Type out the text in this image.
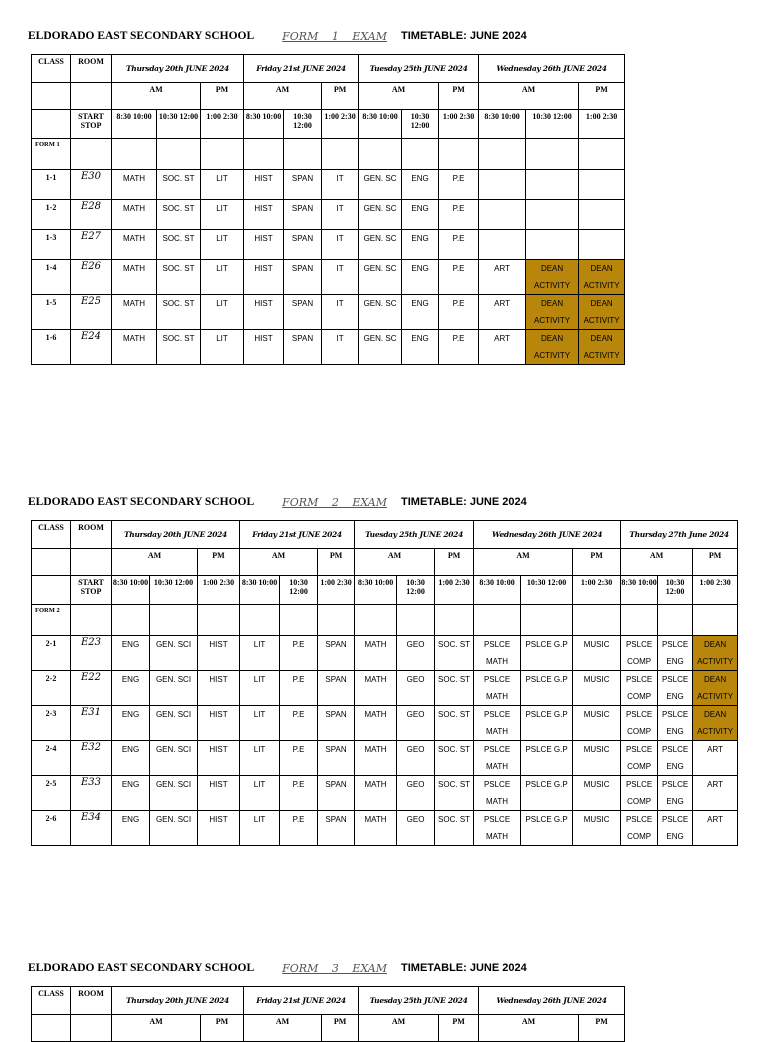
ELDORADO EAST SECONDARY SCHOOL	FORM 1 EXAM TIMETABLE: JUNE 2024
CLASS	ROOM	Thursday 20th JUNE 2024			Friday 21st JUNE 2024			Tuesday 25th JUNE 2024			Wednesday 26th JUNE 2024		
		AM		PM	AM		PM	AM		PM	AM		PM
	START STOP	8:30 10:00	10:30 12:00	1:00 2:30	8:30 10:00	10:30 12:00	1:00 2:30	8:30 10:00	10:30 12:00	1:00 2:30	8:30 10:00	10:30 12:00	1:00 2:30
FORM 1													
1-1	E30	MATH	SOC. ST	LIT	HIST	SPAN	IT	GEN. SC	ENG	P.E			
1-2	E28	MATH	SOC. ST	LIT	HIST	SPAN	IT	GEN. SC	ENG	P.E			
1-3	E27	MATH	SOC. ST	LIT	HIST	SPAN	IT	GEN. SC	ENG	P.E			
1-4	E26	MATH	SOC. ST	LIT	HIST	SPAN	IT	GEN. SC	ENG	P.E	ART	DEAN ACTIVITY	DEAN ACTIVITY
1-5	E25	MATH	SOC. ST	LIT	HIST	SPAN	IT	GEN. SC	ENG	P.E	ART	DEAN ACTIVITY	DEAN ACTIVITY
1-6	E24	MATH	SOC. ST	LIT	HIST	SPAN	IT	GEN. SC	ENG	P.E	ART	DEAN ACTIVITY	DEAN ACTIVITY
ELDORADO EAST SECONDARY SCHOOL	FORM 2 EXAM TIMETABLE: JUNE 2024
CLASS	ROOM	Thursday 20th JUNE 2024			Friday 21st JUNE 2024			Tuesday 25th JUNE 2024			Wednesday 26th JUNE 2024			Thursday 27th June 2024		
		AM		PM	AM		PM	AM		PM	AM		PM	AM		PM
	START STOP	8:30 10:00	10:30 12:00	1:00 2:30	8:30 10:00	10:30 12:00	1:00 2:30	8:30 10:00	10:30 12:00	1:00 2:30	8:30 10:00	10:30 12:00	1:00 2:30	8:30 10:00	10:30 12:00	1:00 2:30
FORM 2																
2-1	E23	ENG	GEN. SCI	HIST	LIT	P.E	SPAN	MATH	GEO	SOC. ST	PSLCE MATH	PSLCE G.P	MUSIC	PSLCE COMP	PSLCE ENG	DEAN ACTIVITY
2-2	E22	ENG	GEN. SCI	HIST	LIT	P.E	SPAN	MATH	GEO	SOC. ST	PSLCE MATH	PSLCE G.P	MUSIC	PSLCE COMP	PSLCE ENG	DEAN ACTIVITY
2-3	E31	ENG	GEN. SCI	HIST	LIT	P.E	SPAN	MATH	GEO	SOC. ST	PSLCE MATH	PSLCE G.P	MUSIC	PSLCE COMP	PSLCE ENG	DEAN ACTIVITY
2-4	E32	ENG	GEN. SCI	HIST	LIT	P.E	SPAN	MATH	GEO	SOC. ST	PSLCE MATH	PSLCE G.P	MUSIC	PSLCE COMP	PSLCE ENG	ART
2-5	E33	ENG	GEN. SCI	HIST	LIT	P.E	SPAN	MATH	GEO	SOC. ST	PSLCE MATH	PSLCE G.P	MUSIC	PSLCE COMP	PSLCE ENG	ART
2-6	E34	ENG	GEN. SCI	HIST	LIT	P.E	SPAN	MATH	GEO	SOC. ST	PSLCE MATH	PSLCE G.P	MUSIC	PSLCE COMP	PSLCE ENG	ART
ELDORADO EAST SECONDARY SCHOOL	FORM 3 EXAM TIMETABLE: JUNE 2024
CLASS	ROOM	Thursday 20th JUNE 2024		Friday 21st JUNE 2024		Tuesday 25th JUNE 2024		Wednesday 26th JUNE 2024	
		AM	PM	AM	PM	AM	PM	AM	PM
